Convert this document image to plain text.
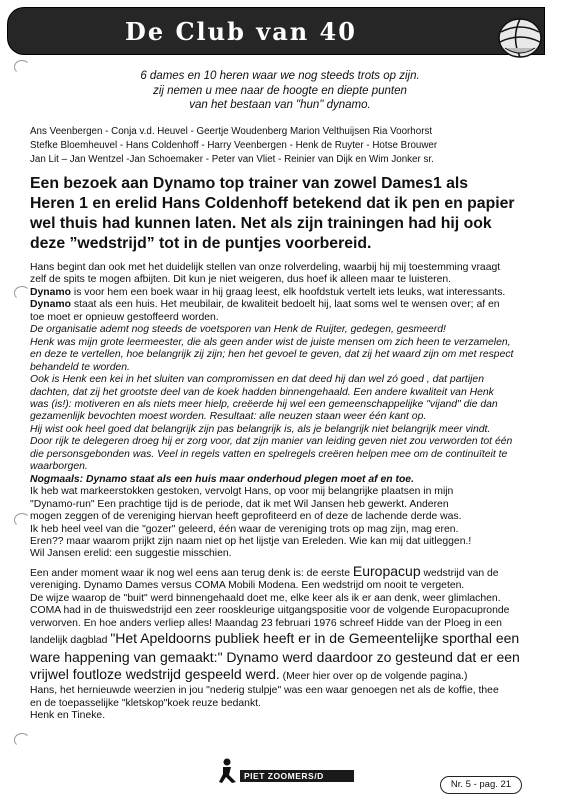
De Club van 40
6 dames en 10 heren waar we nog steeds trots op zijn.
zij nemen u mee naar de hoogte en diepte punten
van het bestaan van "hun" dynamo.
Ans Veenbergen - Conja v.d. Heuvel - Geertje Woudenberg Marion Velthuijsen Ria Voorhorst
Stefke Bloemheuvel - Hans Coldenhoff - Harry Veenbergen - Henk de Ruyter - Hotse Brouwer
Jan Lit – Jan Wentzel -Jan Schoemaker - Peter van Vliet - Reinier van Dijk en Wim Jonker sr.
Een bezoek aan Dynamo top trainer van zowel Dames1 als
Heren 1 en erelid Hans Coldenhoff betekend dat ik pen en papier
wel thuis had kunnen laten. Net als zijn trainingen had hij ook
deze ”wedstrijd” tot in de puntjes voorbereid.
Hans begint dan ook met het duidelijk stellen van onze rolverdeling, waarbij hij mij toestemming vraagt
zelf de spits te mogen afbijten. Dit kun je niet weigeren, dus hoef ik alleen maar te luisteren.
Dynamo is voor hem een boek waar in hij graag leest, elk hoofdstuk vertelt iets leuks, wat interessants.
Dynamo staat als een huis. Het meubilair, de kwaliteit bedoelt hij, laat soms wel te wensen over; af en
toe moet er opnieuw gestoffeerd worden.
De organisatie ademt nog steeds de voetsporen van Henk de Ruijter, gedegen, gesmeerd!
Henk was mijn grote leermeester, die als geen ander wist de juiste mensen om zich heen te verzamelen,
en deze te vertellen, hoe belangrijk zij zijn; hen het gevoel te geven, dat zij het waard zijn om met respect
behandeld te worden.
Ook is Henk een kei in het sluiten van compromissen en dat deed hij dan wel zó goed , dat partijen
dachten, dat zij het grootste deel van de koek hadden binnengehaald. Een andere kwaliteit van Henk
was (is!): motiveren en als niets meer hielp, creëerde hij wel een gemeenschappelijke "vijand" die dan
gezamenlijk bevochten moest worden. Resultaat: alle neuzen staan weer één kant op.
Hij wist ook heel goed dat belangrijk zijn pas belangrijk is, als je belangrijk niet belangrijk meer vindt.
Door rijk te delegeren droeg hij er zorg voor, dat zijn manier van leiding geven niet zou verworden tot één
die personsgebonden was. Veel in regels vatten en spelregels creëren helpen mee om de continuïteit te
waarborgen.
Nogmaals: Dynamo staat als een huis maar onderhoud plegen moet af en toe.
Ik heb wat markeerstokken gestoken, vervolgt Hans, op voor mij belangrijke plaatsen in mijn
"Dynamo-run" Een prachtige tijd is de periode, dat ik met Wil Jansen heb gewerkt. Anderen
mogen zeggen of de vereniging hiervan heeft geprofiteerd en of deze de lachende derde was.
Ik heb heel veel van die "gozer" geleerd, één waar de vereniging trots op mag zijn, mag eren.
Eren?? maar waarom prijkt zijn naam niet op het lijstje van Ereleden. Wie kan mij dat uitleggen.!
Wil Jansen erelid: een suggestie misschien.
Een ander moment waar ik nog wel eens aan terug denk is: de eerste Europacup wedstrijd van de
vereniging. Dynamo Dames versus COMA Mobili Modena. Een wedstrijd om nooit te vergeten.
De wijze waarop de "buit" werd binnengehaald doet me, elke keer als ik er aan denk, weer glimlachen.
COMA had in de thuiswedstrijd een zeer rooskleurige uitgangspositie voor de volgende Europacupronde
verworven. En hoe anders verliep alles! Maandag 23 februari 1976 schreef Hidde van der Ploeg in een
landelijk dagblad "Het Apeldoorns publiek heeft er in de Gemeentelijke sporthal een
ware happening van gemaakt:" Dynamo werd daardoor zo gesteund dat er een
vrijwel foutloze wedstrijd gespeeld werd. (Meer hier over op de volgende pagina.)
Hans, het hernieuwde weerzien in jou "nederig stulpje" was een waar genoegen net als de koffie, thee
en de toepasselijke "kletskop"koek reuze bedankt.
Henk en Tineke.
PIET ZOOMERS/D
Nr. 5 - pag. 21
